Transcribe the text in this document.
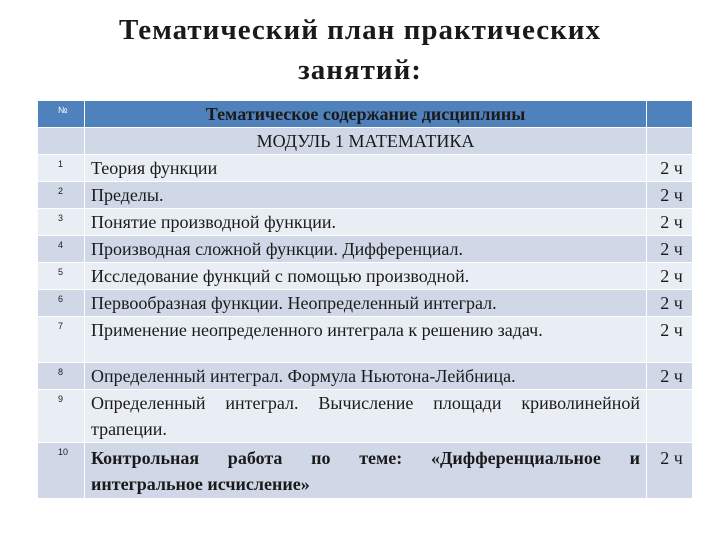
Тематический план практических
занятий:
№	Тематическое содержание дисциплины	
	МОДУЛЬ 1 МАТЕМАТИКА	
1	Теория функции	2 ч
2	Пределы.	2 ч
3	Понятие производной функции.	2 ч
4	Производная сложной функции. Дифференциал.	2 ч
5	Исследование функций с помощью производной.	2 ч
6	Первообразная функции. Неопределенный интеграл.	2 ч
7	Применение неопределенного интеграла к решению задач.	2 ч
8	Определенный интеграл. Формула Ньютона-Лейбница.	2 ч
9	Определенный интеграл. Вычисление площади криволинейной
трапеции.	

10	Контрольная работа по теме: «Дифференциальное и
интегральное исчисление»	2 ч
